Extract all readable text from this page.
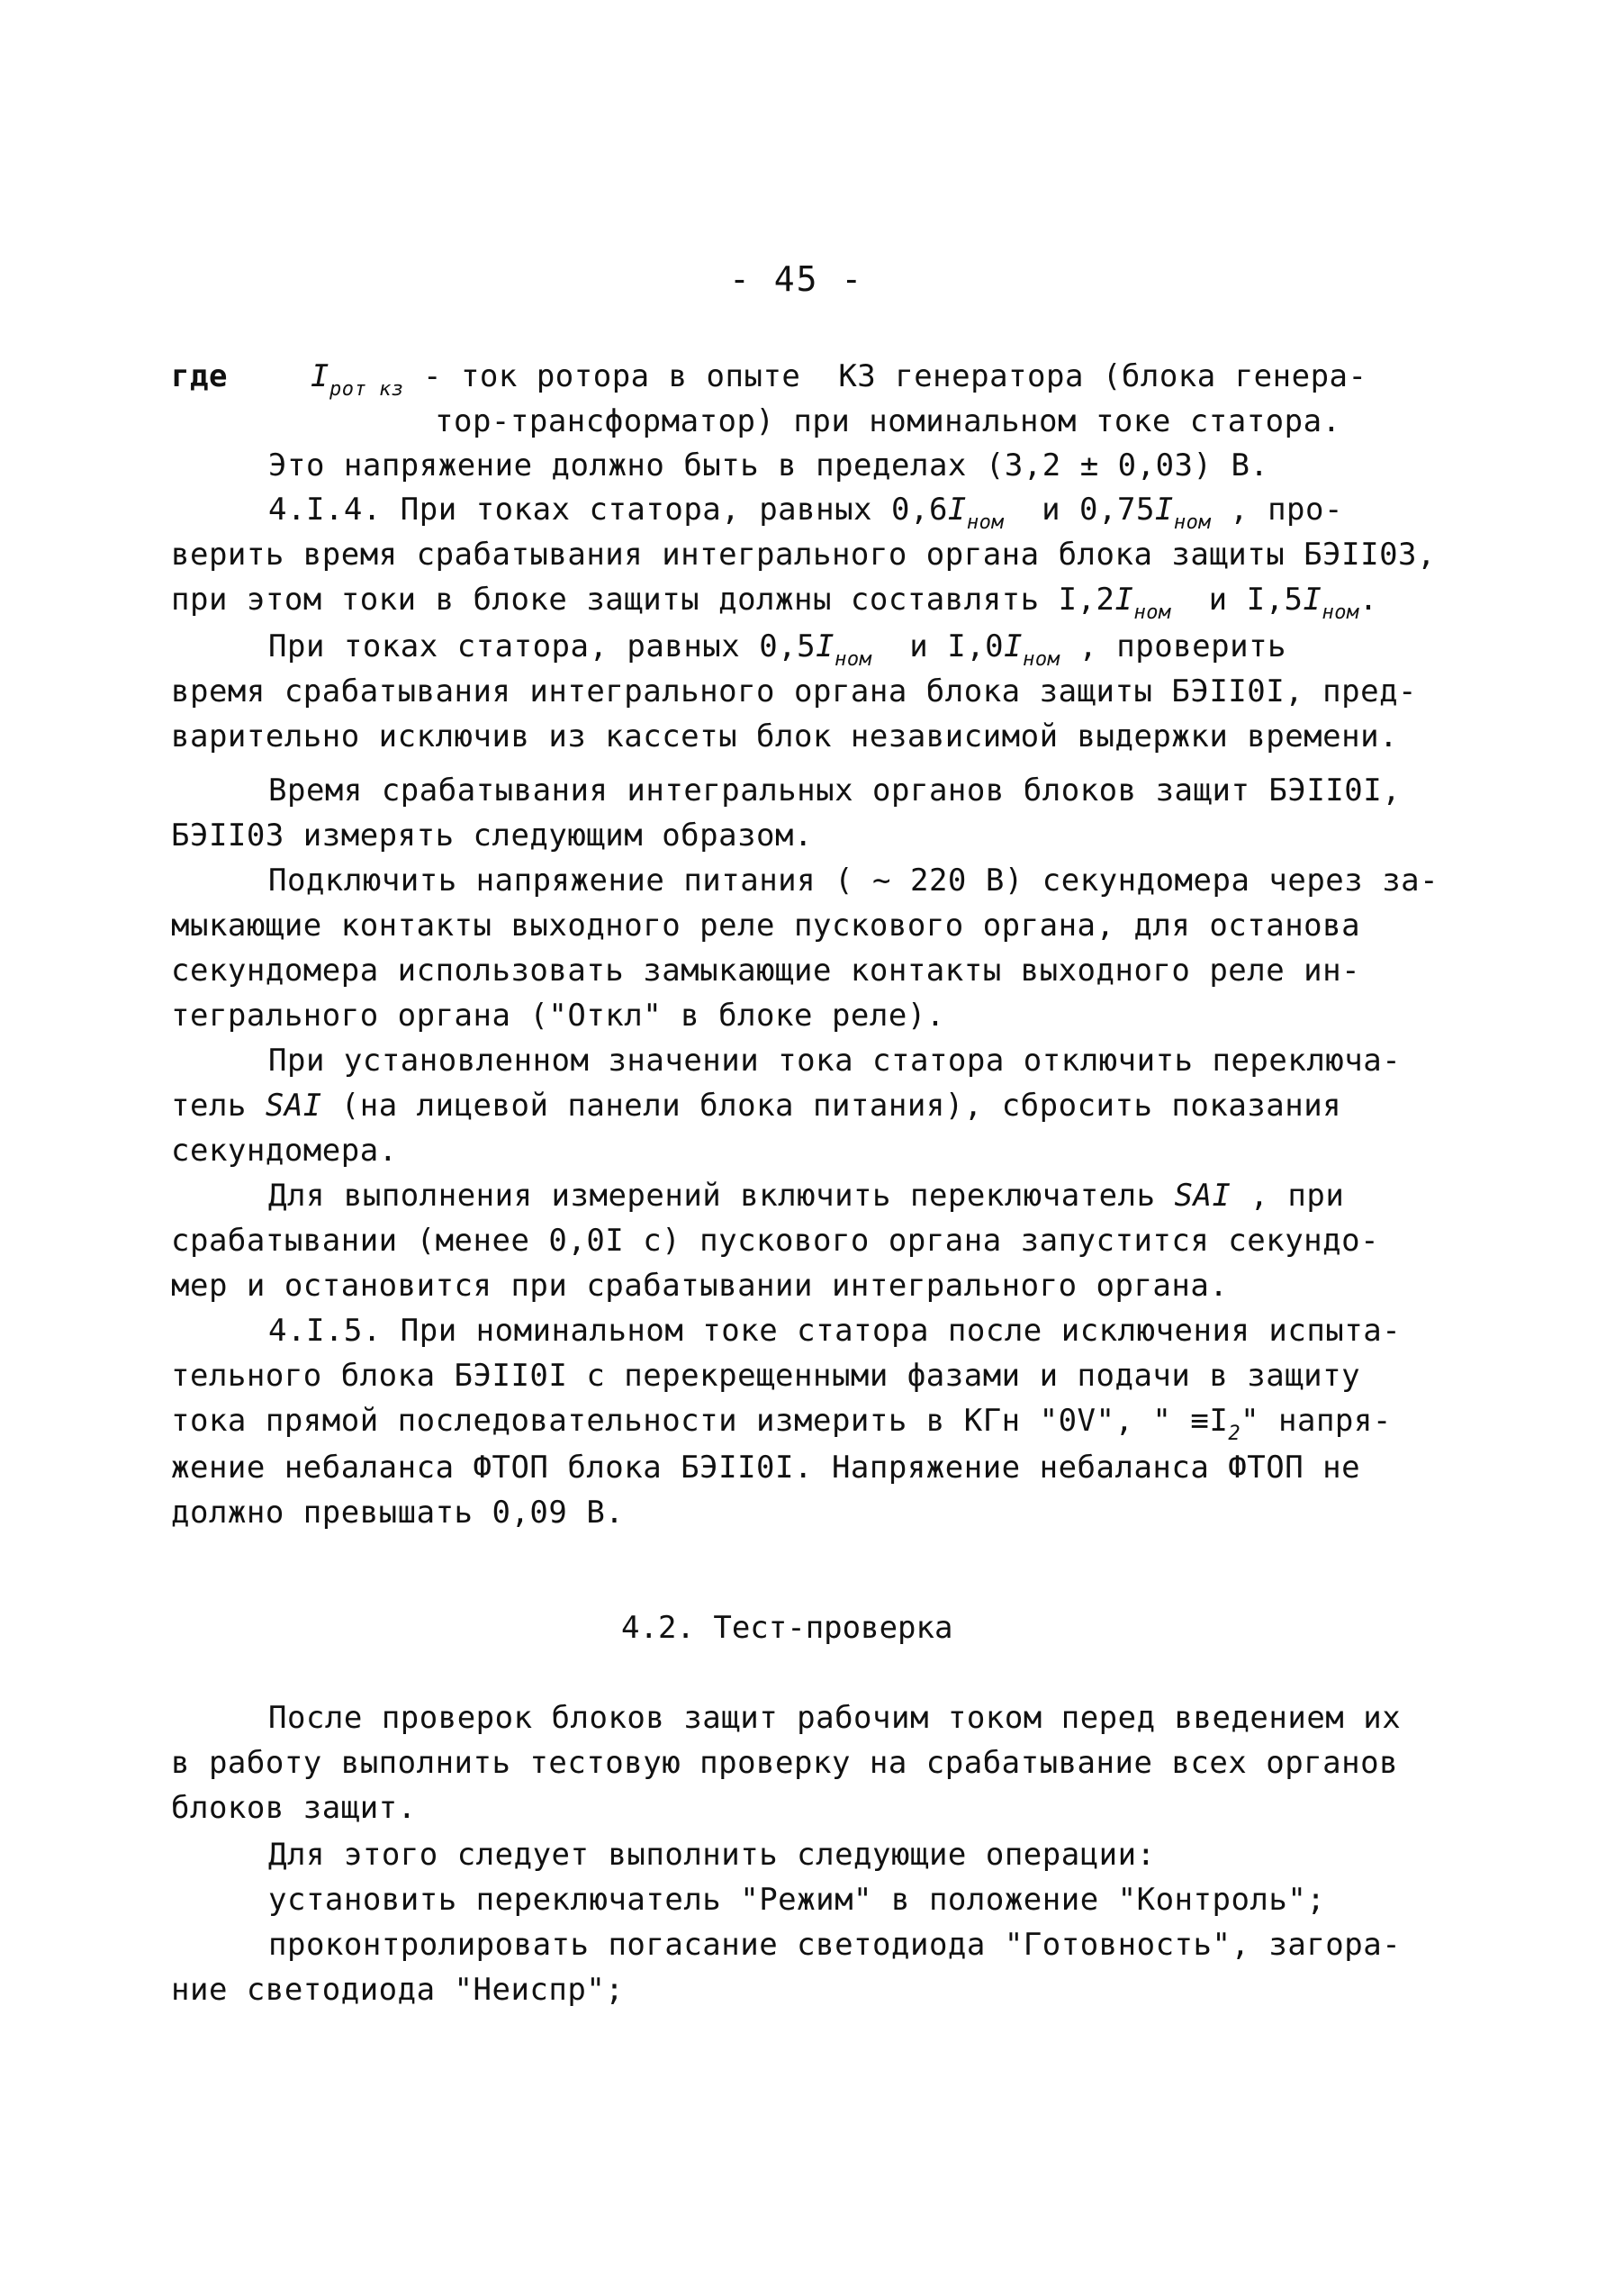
- 45 -
где	$I_{рот кз}$ - ток ротора в опыте  КЗ генератора (блока генера-
тор-трансформатор) при номинальном токе статора.
Это напряжение должно быть в пределах (3,2 ± 0,03) В.
4.I.4. При токах статора, равных $0,6I_{ном}$  и $0,75I_{ном}$ , про-
верить время срабатывания интегрального органа блока защиты БЭII03,
при этом токи в блоке защиты должны составлять $I,2I_{ном}$  и $I,5I_{ном}$.
При токах статора, равных $0,5I_{ном}$  и $I,0I_{ном}$ , проверить
время срабатывания интегрального органа блока защиты БЭII0I, пред-
варительно исключив из кассеты блок независимой выдержки времени.
Время срабатывания интегральных органов блоков защит БЭII0I,
БЭII03 измерять следующим образом.
Подключить напряжение питания ( ~ 220 В) секундомера через за-
мыкающие контакты выходного реле пускового органа, для останова
секундомера использовать замыкающие контакты выходного реле ин-
тегрального органа ("Откл" в блоке реле).
При установленном значении тока статора отключить переключа-
тель SAI (на лицевой панели блока питания), сбросить показания
секундомера.
Для выполнения измерений включить переключатель SAI , при
срабатывании (менее 0,0I с) пускового органа запустится секундо-
мер и остановится при срабатывании интегрального органа.
4.I.5. При номинальном токе статора после исключения испыта-
тельного блока БЭII0I с перекрещенными фазами и подачи в защиту
тока прямой последовательности измерить в КГн "0V", " $\equiv I_2$" напря-
жение небаланса ФТОП блока БЭII0I. Напряжение небаланса ФТОП не
должно превышать 0,09 В.
4.2. Тест-проверка
После проверок блоков защит рабочим током перед введением их
в работу выполнить тестовую проверку на срабатывание всех органов
блоков защит.
Для этого следует выполнить следующие операции:
установить переключатель "Режим" в положение "Контроль";
проконтролировать погасание светодиода "Готовность", загора-
ние светодиода "Неиспр";
